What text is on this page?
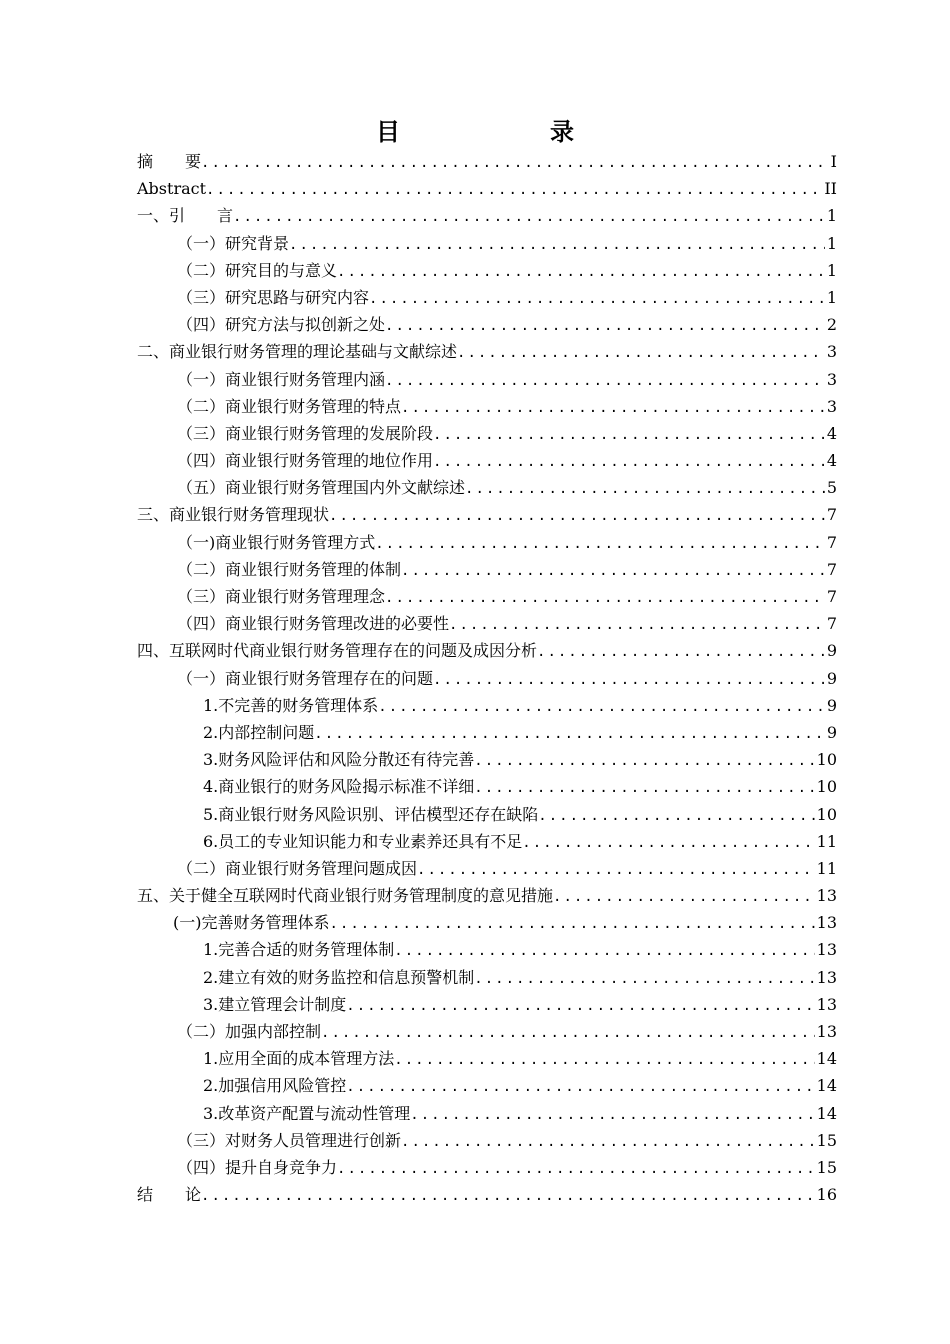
目　　录
摘　　要 .....	I
Abstract .....	II
一、引　　言 .....	1
（一）研究背景 .....	1
（二）研究目的与意义 .....	1
（三）研究思路与研究内容 .....	1
（四）研究方法与拟创新之处 .....	2
二、商业银行财务管理的理论基础与文献综述 .....	3
（一）商业银行财务管理内涵 .....	3
（二）商业银行财务管理的特点 .....	3
（三）商业银行财务管理的发展阶段 .....	4
（四）商业银行财务管理的地位作用 .....	4
（五）商业银行财务管理国内外文献综述 .....	5
三、商业银行财务管理现状 .....	7
（一)商业银行财务管理方式 .....	7
（二）商业银行财务管理的体制 .....	7
（三）商业银行财务管理理念 .....	7
（四）商业银行财务管理改进的必要性 .....	7
四、互联网时代商业银行财务管理存在的问题及成因分析 .....	9
（一）商业银行财务管理存在的问题 .....	9
1.不完善的财务管理体系 .....	9
2.内部控制问题 .....	9
3.财务风险评估和风险分散还有待完善 .....	10
4.商业银行的财务风险揭示标准不详细 .....	10
5.商业银行财务风险识别、评估模型还存在缺陷 .....	10
6.员工的专业知识能力和专业素养还具有不足 .....	11
（二）商业银行财务管理问题成因 .....	11
五、关于健全互联网时代商业银行财务管理制度的意见措施 .....	13
(一)完善财务管理体系 .....	13
1.完善合适的财务管理体制 .....	13
2.建立有效的财务监控和信息预警机制 .....	13
3.建立管理会计制度 .....	13
（二）加强内部控制 .....	13
1.应用全面的成本管理方法 .....	14
2.加强信用风险管控 .....	14
3.改革资产配置与流动性管理 .....	14
（三）对财务人员管理进行创新 .....	15
（四）提升自身竞争力 .....	15
结　　论 .....	16
